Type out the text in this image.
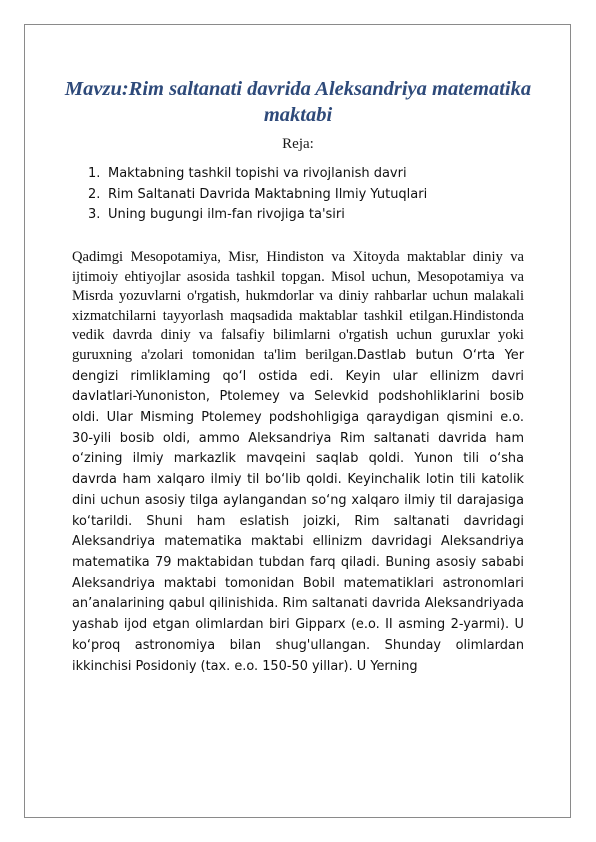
Mavzu:Rim saltanati davrida Aleksandriya matematika maktabi

Reja:

1. Maktabning tashkil topishi va rivojlanish davri
2. Rim Saltanati Davrida Maktabning Ilmiy Yutuqlari
3. Uning bugungi ilm-fan rivojiga ta'siri

Qadimgi Mesopotamiya, Misr, Hindiston va Xitoyda maktablar diniy va ijtimoiy ehtiyojlar asosida tashkil topgan. Misol uchun, Mesopotamiya va Misrda yozuvlarni o'rgatish, hukmdorlar va diniy rahbarlar uchun malakali xizmatchilarni tayyorlash maqsadida maktablar tashkil etilgan.Hindistonda vedik davrda diniy va falsafiy bilimlarni o'rgatish uchun guruxlar yoki guruxning a'zolari tomonidan ta'lim berilgan.Dastlab butun O‘rta Yer dengizi rimliklaming qo‘l ostida edi. Keyin ular ellinizm davri davlatlari-Yunoniston, Ptolemey va Selevkid podshohliklarini bosib oldi. Ular Misming Ptolemey podshohligiga qaraydigan qismini e.o. 30-yili bosib oldi, ammo Aleksandriya Rim saltanati davrida ham o‘zining ilmiy markazlik mavqeini saqlab qoldi. Yunon tili o‘sha davrda ham xalqaro ilmiy til bo‘lib qoldi. Keyinchalik lotin tili katolik dini uchun asosiy tilga aylangandan so‘ng xalqaro ilmiy til darajasiga ko‘tarildi. Shuni ham eslatish joizki, Rim saltanati davridagi Aleksandriya matematika maktabi ellinizm davridagi Aleksandriya matematika 79 maktabidan tubdan farq qiladi. Buning asosiy sababi Aleksandriya maktabi tomonidan Bobil matematiklari astronomlari an’analarining qabul qilinishida. Rim saltanati davrida Aleksandriyada yashab ijod etgan olimlardan biri Gipparx (e.o. II asming 2-yarmi). U ko‘proq astronomiya bilan shug'ullangan. Shunday olimlardan ikkinchisi Posidoniy (tax. e.o. 150-50 yillar). U Yerning
